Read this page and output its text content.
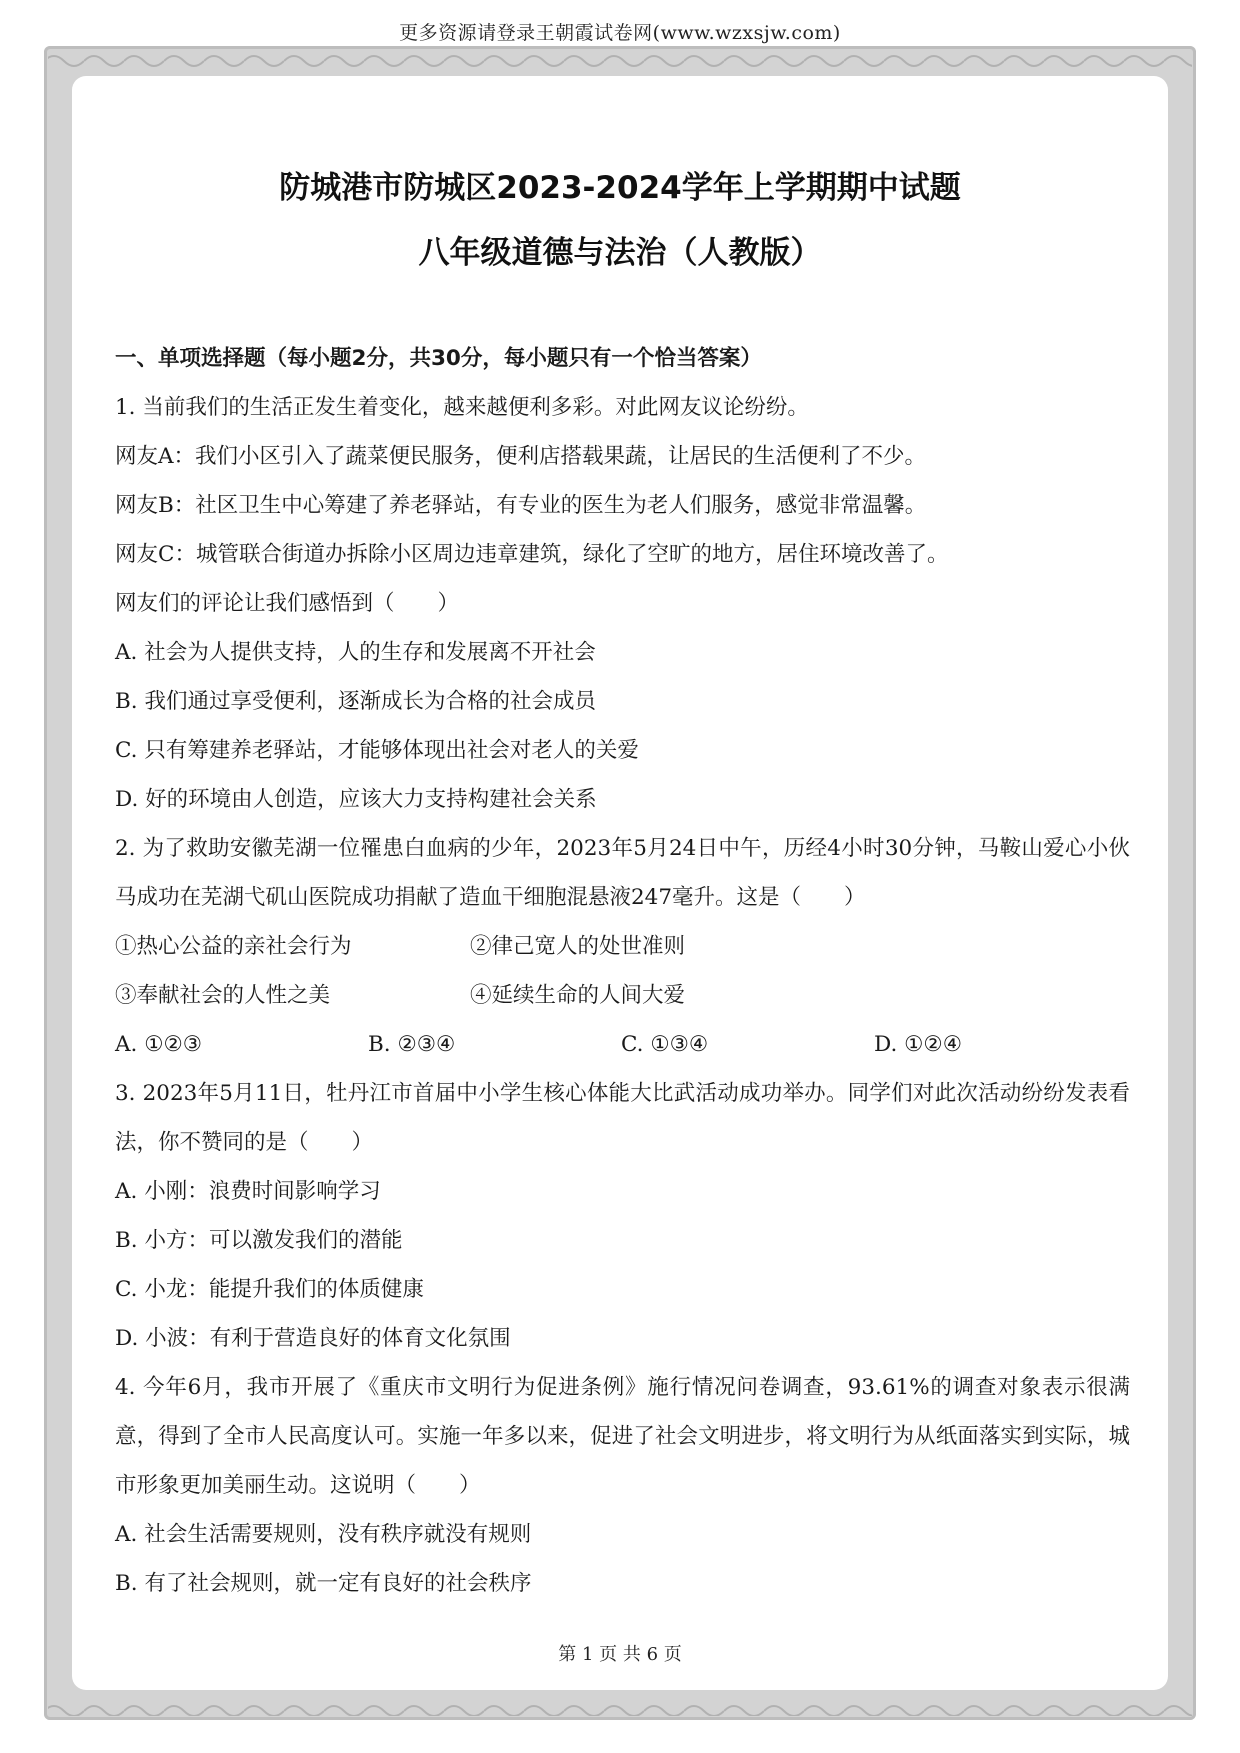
更多资源请登录王朝霞试卷网(www.wzxsjw.com)
防城港市防城区2023-2024学年上学期期中试题
八年级道德与法治（人教版）
一、单项选择题（每小题2分，共30分，每小题只有一个恰当答案）
1. 当前我们的生活正发生着变化，越来越便利多彩。对此网友议论纷纷。
网友A：我们小区引入了蔬菜便民服务，便利店搭载果蔬，让居民的生活便利了不少。
网友B：社区卫生中心筹建了养老驿站，有专业的医生为老人们服务，感觉非常温馨。
网友C：城管联合街道办拆除小区周边违章建筑，绿化了空旷的地方，居住环境改善了。
网友们的评论让我们感悟到（　　）
A. 社会为人提供支持，人的生存和发展离不开社会
B. 我们通过享受便利，逐渐成长为合格的社会成员
C. 只有筹建养老驿站，才能够体现出社会对老人的关爱
D. 好的环境由人创造，应该大力支持构建社会关系
2. 为了救助安徽芜湖一位罹患白血病的少年，2023年5月24日中午，历经4小时30分钟，马鞍山爱心小伙马成功在芜湖弋矶山医院成功捐献了造血干细胞混悬液247毫升。这是（　　）
①热心公益的亲社会行为	②律己宽人的处世准则
③奉献社会的人性之美	④延续生命的人间大爱
A. ①②③	B. ②③④	C. ①③④	D. ①②④
3. 2023年5月11日，牡丹江市首届中小学生核心体能大比武活动成功举办。同学们对此次活动纷纷发表看法，你不赞同的是（　　）
A. 小刚：浪费时间影响学习
B. 小方：可以激发我们的潜能
C. 小龙：能提升我们的体质健康
D. 小波：有利于营造良好的体育文化氛围
4. 今年6月，我市开展了《重庆市文明行为促进条例》施行情况问卷调查，93.61%的调查对象表示很满意，得到了全市人民高度认可。实施一年多以来，促进了社会文明进步，将文明行为从纸面落实到实际，城市形象更加美丽生动。这说明（　　）
A. 社会生活需要规则，没有秩序就没有规则
B. 有了社会规则，就一定有良好的社会秩序
第 1 页 共 6 页
